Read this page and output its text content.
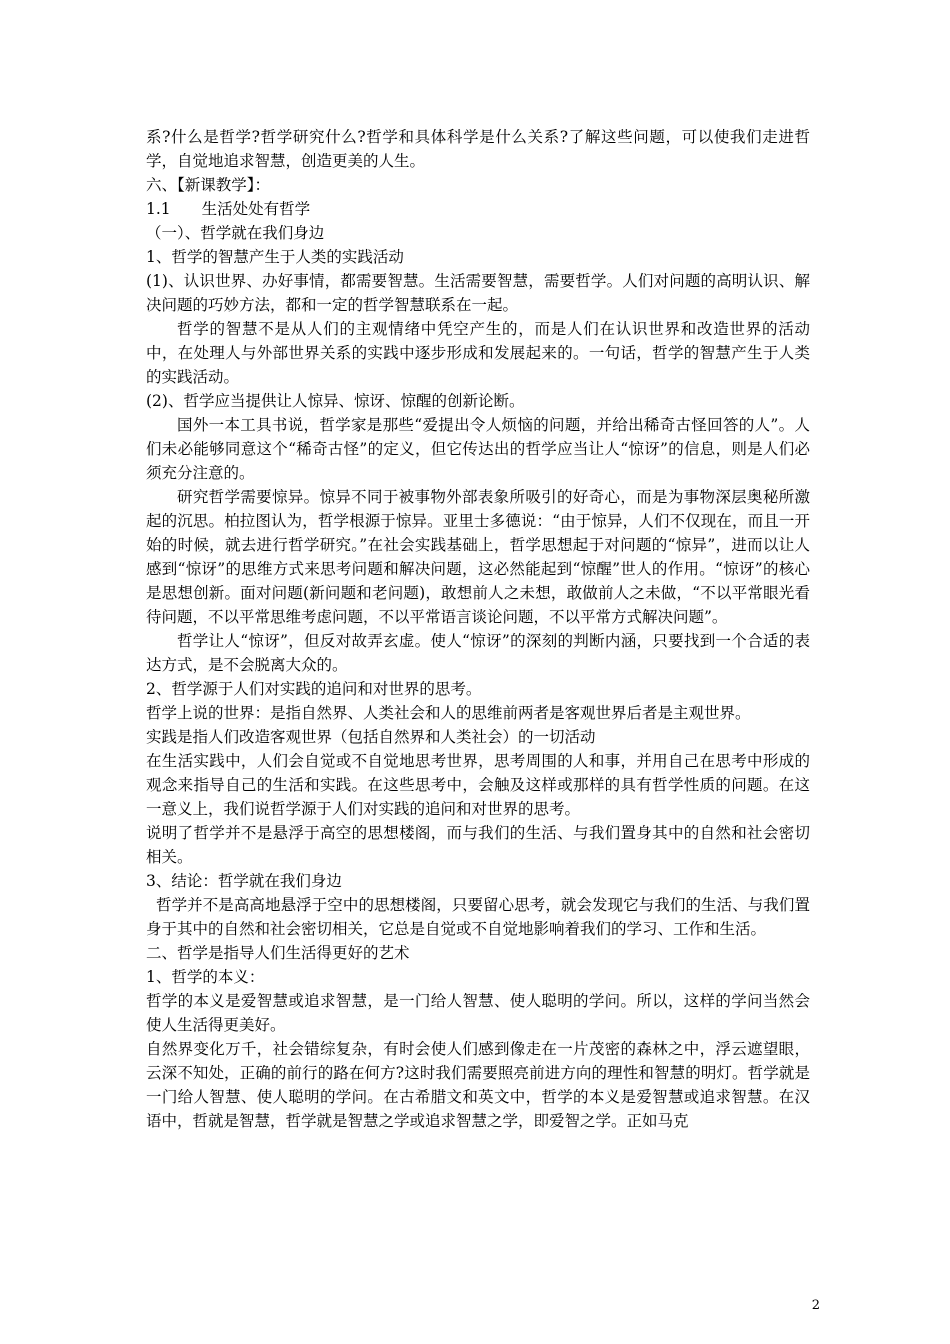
系?什么是哲学?哲学研究什么?哲学和具体科学是什么关系?了解这些问题，可以使我们走进哲学，自觉地追求智慧，创造更美的人生。

六、【新课教学】：

1.1　　生活处处有哲学

（一）、哲学就在我们身边

1、哲学的智慧产生于人类的实践活动

(1)、认识世界、办好事情，都需要智慧。生活需要智慧，需要哲学。人们对问题的高明认识、解决问题的巧妙方法，都和一定的哲学智慧联系在一起。

哲学的智慧不是从人们的主观情绪中凭空产生的，而是人们在认识世界和改造世界的活动中，在处理人与外部世界关系的实践中逐步形成和发展起来的。一句话，哲学的智慧产生于人类的实践活动。

(2)、哲学应当提供让人惊异、惊讶、惊醒的创新论断。

国外一本工具书说，哲学家是那些“爱提出令人烦恼的问题，并给出稀奇古怪回答的人”。人们未必能够同意这个“稀奇古怪”的定义，但它传达出的哲学应当让人“惊讶”的信息，则是人们必须充分注意的。

研究哲学需要惊异。惊异不同于被事物外部表象所吸引的好奇心，而是为事物深层奥秘所激起的沉思。柏拉图认为，哲学根源于惊异。亚里士多德说：“由于惊异，人们不仅现在，而且一开始的时候，就去进行哲学研究。”在社会实践基础上，哲学思想起于对问题的“惊异”，进而以让人感到“惊讶”的思维方式来思考问题和解决问题，这必然能起到“惊醒”世人的作用。“惊讶”的核心是思想创新。面对问题(新问题和老问题)，敢想前人之未想，敢做前人之未做，“不以平常眼光看待问题，不以平常思维考虑问题，不以平常语言谈论问题，不以平常方式解决问题”。

哲学让人“惊讶”，但反对故弄玄虚。使人“惊讶”的深刻的判断内涵，只要找到一个合适的表达方式，是不会脱离大众的。

2、哲学源于人们对实践的追问和对世界的思考。

哲学上说的世界：是指自然界、人类社会和人的思维前两者是客观世界后者是主观世界。

实践是指人们改造客观世界（包括自然界和人类社会）的一切活动

在生活实践中，人们会自觉或不自觉地思考世界，思考周围的人和事，并用自己在思考中形成的观念来指导自己的生活和实践。在这些思考中，会触及这样或那样的具有哲学性质的问题。在这一意义上，我们说哲学源于人们对实践的追问和对世界的思考。

说明了哲学并不是悬浮于高空的思想楼阁，而与我们的生活、与我们置身其中的自然和社会密切相关。

3、结论：哲学就在我们身边

哲学并不是高高地悬浮于空中的思想楼阁，只要留心思考，就会发现它与我们的生活、与我们置身于其中的自然和社会密切相关，它总是自觉或不自觉地影响着我们的学习、工作和生活。

二、哲学是指导人们生活得更好的艺术

1、哲学的本义：

哲学的本义是爱智慧或追求智慧，是一门给人智慧、使人聪明的学问。所以，这样的学问当然会使人生活得更美好。

自然界变化万千，社会错综复杂，有时会使人们感到像走在一片茂密的森林之中，浮云遮望眼，云深不知处，正确的前行的路在何方?这时我们需要照亮前进方向的理性和智慧的明灯。哲学就是一门给人智慧、使人聪明的学问。在古希腊文和英文中，哲学的本义是爱智慧或追求智慧。在汉语中，哲就是智慧，哲学就是智慧之学或追求智慧之学，即爱智之学。正如马克

2
